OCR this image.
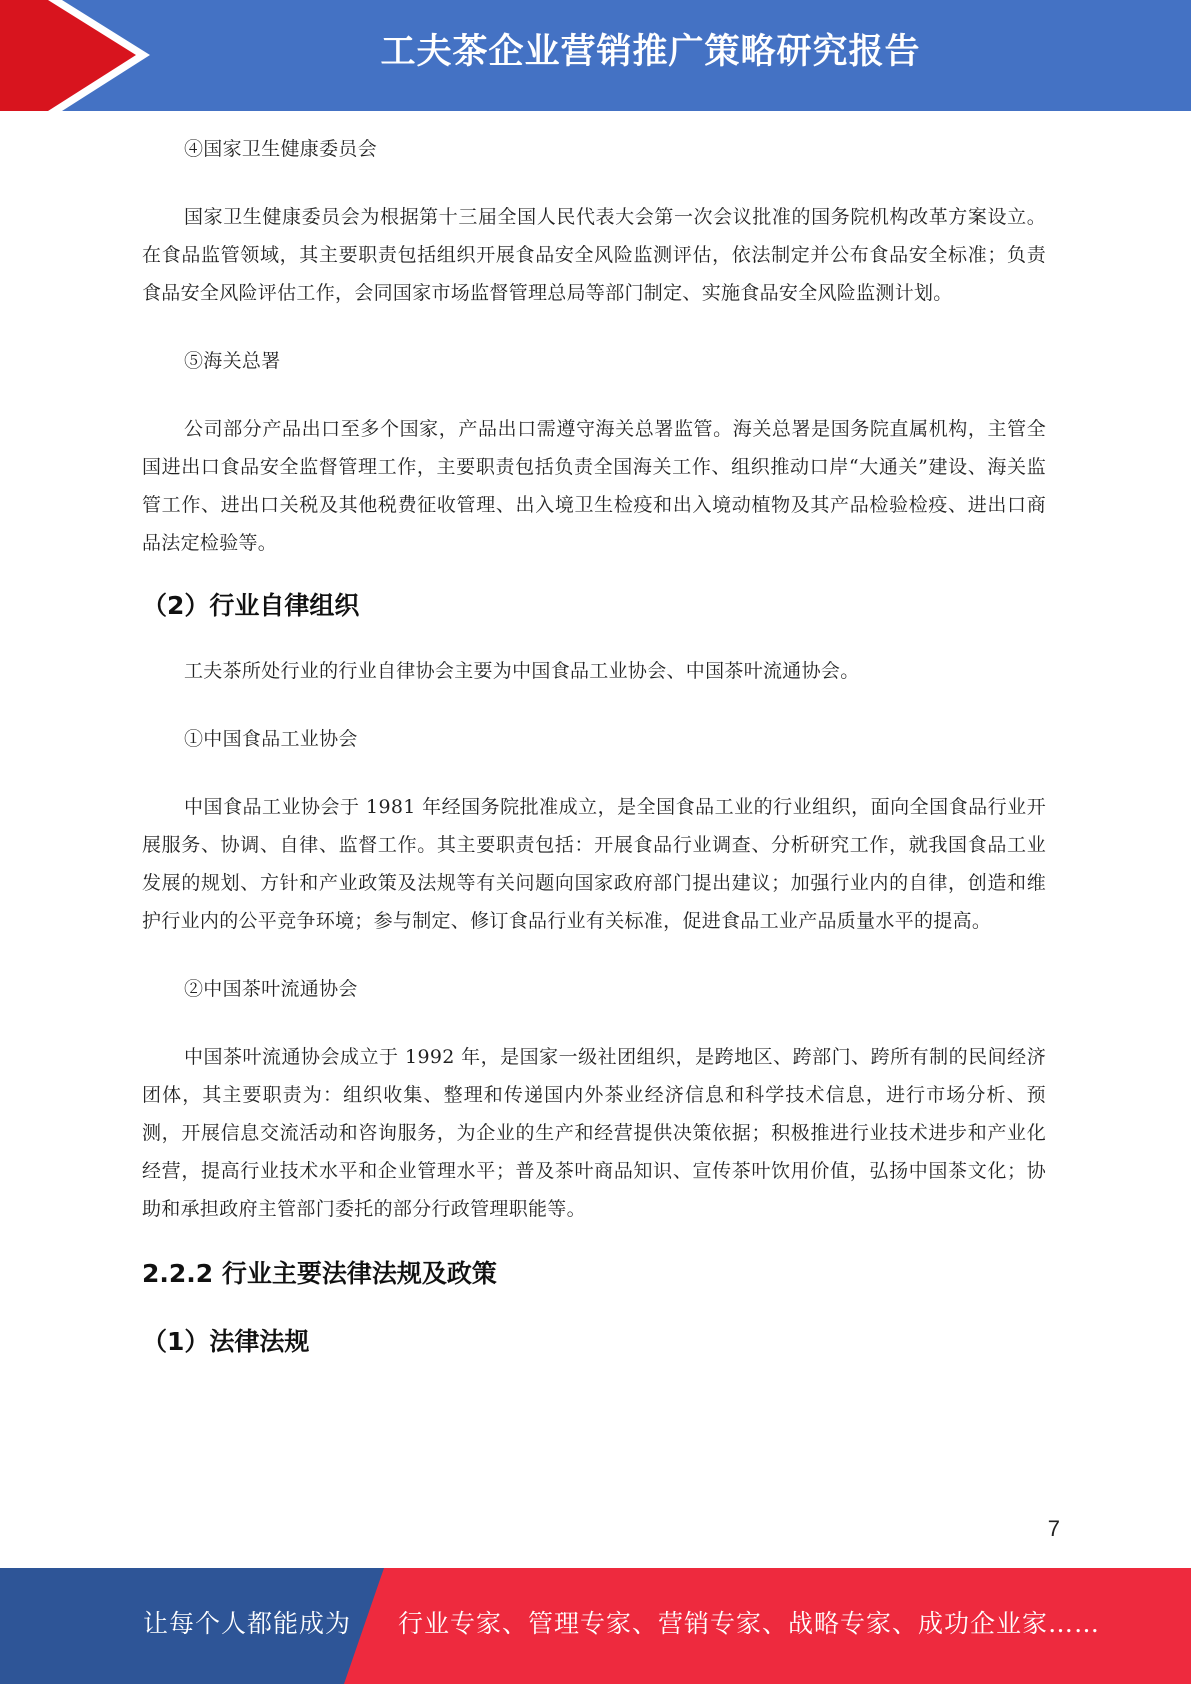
工夫茶企业营销推广策略研究报告

④国家卫生健康委员会

国家卫生健康委员会为根据第十三届全国人民代表大会第一次会议批准的国务院机构改革方案设立。在食品监管领域，其主要职责包括组织开展食品安全风险监测评估，依法制定并公布食品安全标准；负责食品安全风险评估工作，会同国家市场监督管理总局等部门制定、实施食品安全风险监测计划。

⑤海关总署

公司部分产品出口至多个国家，产品出口需遵守海关总署监管。海关总署是国务院直属机构，主管全国进出口食品安全监督管理工作，主要职责包括负责全国海关工作、组织推动口岸“大通关”建设、海关监管工作、进出口关税及其他税费征收管理、出入境卫生检疫和出入境动植物及其产品检验检疫、进出口商品法定检验等。

（2）行业自律组织

工夫茶所处行业的行业自律协会主要为中国食品工业协会、中国茶叶流通协会。

①中国食品工业协会

中国食品工业协会于 1981 年经国务院批准成立，是全国食品工业的行业组织，面向全国食品行业开展服务、协调、自律、监督工作。其主要职责包括：开展食品行业调查、分析研究工作，就我国食品工业发展的规划、方针和产业政策及法规等有关问题向国家政府部门提出建议；加强行业内的自律，创造和维护行业内的公平竞争环境；参与制定、修订食品行业有关标准，促进食品工业产品质量水平的提高。

②中国茶叶流通协会

中国茶叶流通协会成立于 1992 年，是国家一级社团组织，是跨地区、跨部门、跨所有制的民间经济团体，其主要职责为：组织收集、整理和传递国内外茶业经济信息和科学技术信息，进行市场分析、预测，开展信息交流活动和咨询服务，为企业的生产和经营提供决策依据；积极推进行业技术进步和产业化经营，提高行业技术水平和企业管理水平；普及茶叶商品知识、宣传茶叶饮用价值，弘扬中国茶文化；协助和承担政府主管部门委托的部分行政管理职能等。

2.2.2 行业主要法律法规及政策
（1）法律法规
7
让每个人都能成为 行业专家、管理专家、营销专家、战略专家、成功企业家……
